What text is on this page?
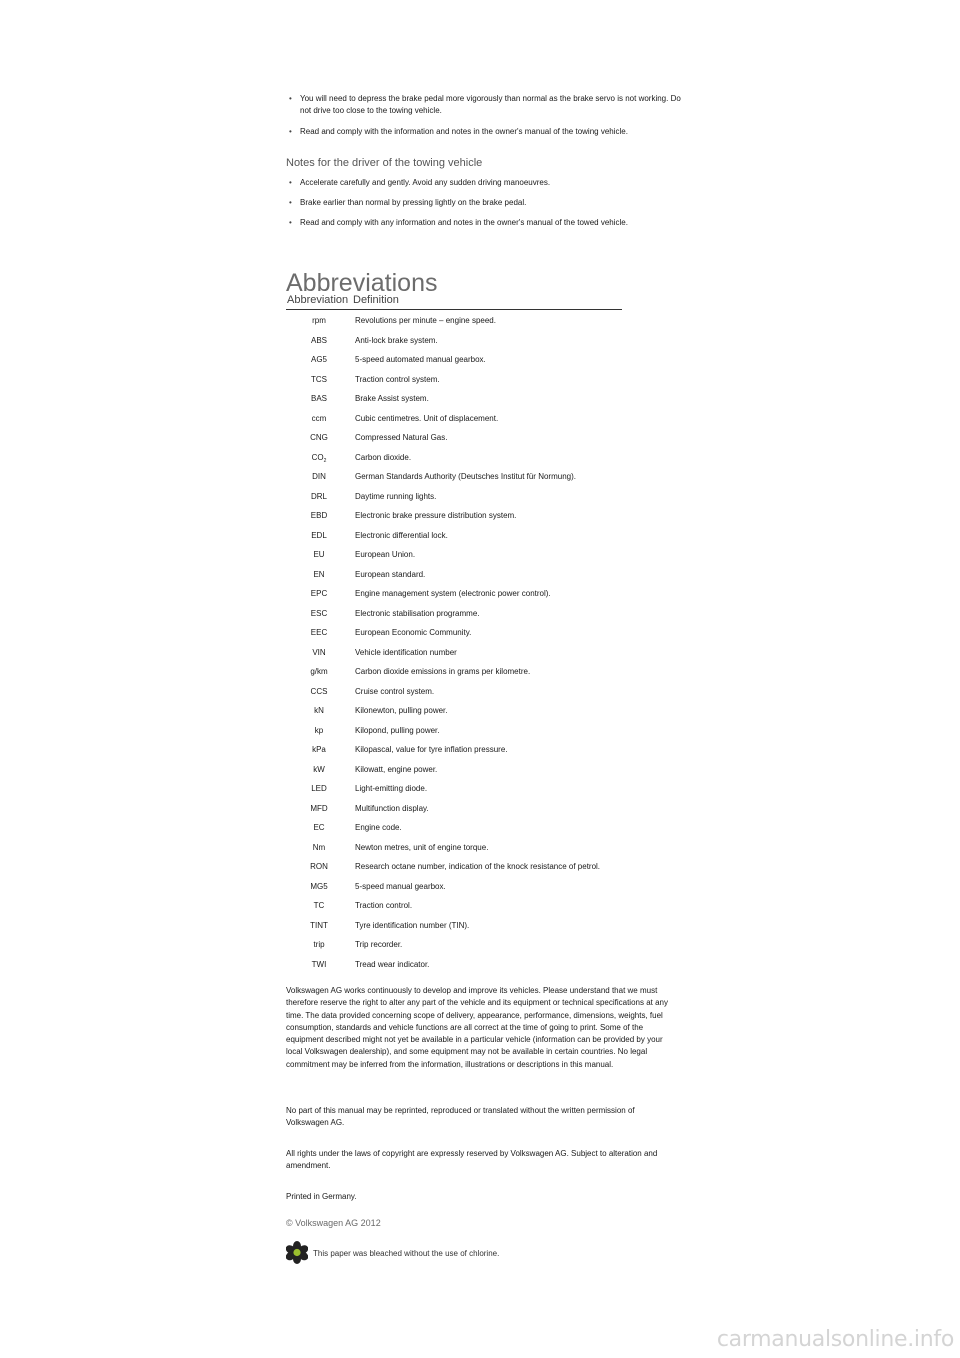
• You will need to depress the brake pedal more vigorously than normal as the brake servo is not working. Do not drive too close to the towing vehicle.
• Read and comply with the information and notes in the owner's manual of the towing vehicle.
Notes for the driver of the towing vehicle
• Accelerate carefully and gently. Avoid any sudden driving manoeuvres.
• Brake earlier than normal by pressing lightly on the brake pedal.
• Read and comply with any information and notes in the owner's manual of the towed vehicle.
Abbreviations
Abbreviation Definition
rpm	Revolutions per minute – engine speed.
ABS	Anti-lock brake system.
AG5	5-speed automated manual gearbox.
TCS	Traction control system.
BAS	Brake Assist system.
ccm	Cubic centimetres. Unit of displacement.
CNG	Compressed Natural Gas.
$CO_2$	Carbon dioxide.
DIN	German Standards Authority (Deutsches Institut für Normung).
DRL	Daytime running lights.
EBD	Electronic brake pressure distribution system.
EDL	Electronic differential lock.
EU	European Union.
EN	European standard.
EPC	Engine management system (electronic power control).
ESC	Electronic stabilisation programme.
EEC	European Economic Community.
VIN	Vehicle identification number
g/km	Carbon dioxide emissions in grams per kilometre.
CCS	Cruise control system.
kN	Kilonewton, pulling power.
kp	Kilopond, pulling power.
kPa	Kilopascal, value for tyre inflation pressure.
kW	Kilowatt, engine power.
LED	Light-emitting diode.
MFD	Multifunction display.
EC	Engine code.
Nm	Newton metres, unit of engine torque.
RON	Research octane number, indication of the knock resistance of petrol.
MG5	5-speed manual gearbox.
TC	Traction control.
TINT	Tyre identification number (TIN).
trip	Trip recorder.
TWI	Tread wear indicator.

Volkswagen AG works continuously to develop and improve its vehicles. Please understand that we must therefore reserve the right to alter any part of the vehicle and its equipment or technical specifications at any time. The data provided concerning scope of delivery, appearance, performance, dimensions, weights, fuel consumption, standards and vehicle functions are all correct at the time of going to print. Some of the equipment described might not yet be available in a particular vehicle (information can be provided by your local Volkswagen dealership), and some equipment may not be available in certain countries. No legal commitment may be inferred from the information, illustrations or descriptions in this manual.

No part of this manual may be reprinted, reproduced or translated without the written permission of Volkswagen AG.

All rights under the laws of copyright are expressly reserved by Volkswagen AG. Subject to alteration and amendment.

Printed in Germany.

© Volkswagen AG 2012
This paper was bleached without the use of chlorine.
carmanualsonline.info
